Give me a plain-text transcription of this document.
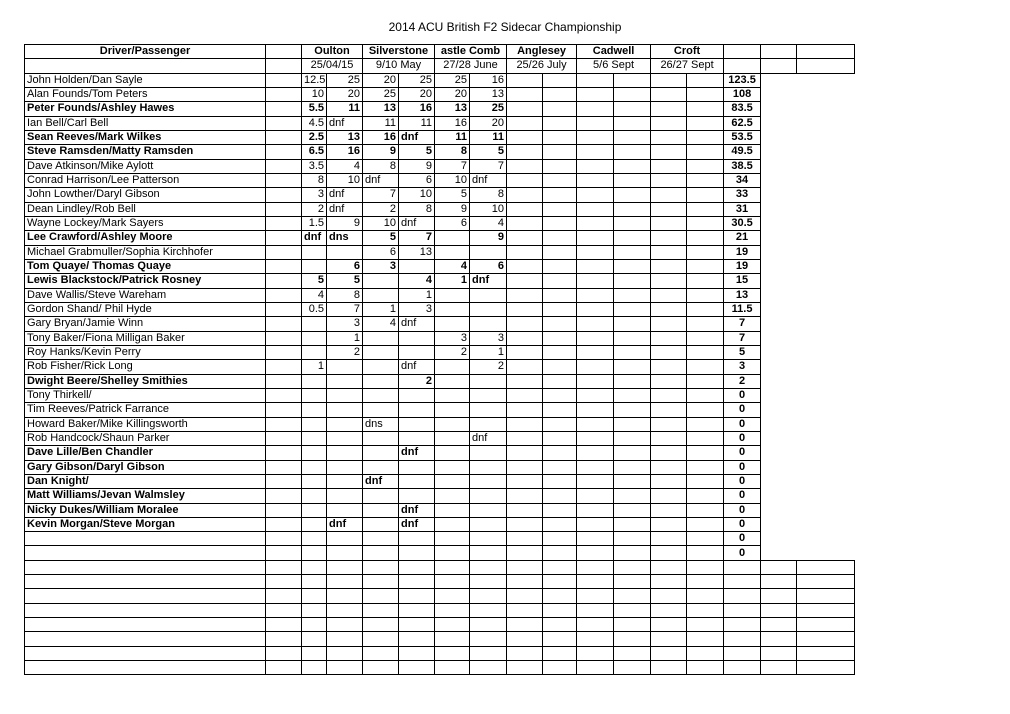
2014 ACU British F2 Sidecar Championship
Driver/Passenger		Oulton		Silverstone		astle Comb		Anglesey		Cadwell		Croft				
		25/04/15		9/10 May		27/28 June		25/26 July		5/6 Sept		26/27 Sept					
John Holden/Dan Sayle		12.5	25	20	25	25	16							123.5			
Alan Founds/Tom Peters		10	20	25	20	20	13							108			
Peter Founds/Ashley Hawes		5.5	11	13	16	13	25							83.5			
Ian Bell/Carl Bell		4.5	dnf	11	11	16	20							62.5			
Sean Reeves/Mark Wilkes		2.5	13	16	dnf	11	11							53.5			
Steve Ramsden/Matty Ramsden		6.5	16	9	5	8	5							49.5			
Dave Atkinson/Mike Aylott		3.5	4	8	9	7	7							38.5			
Conrad Harrison/Lee Patterson		8	10	dnf	6	10	dnf							34			
John Lowther/Daryl Gibson		3	dnf	7	10	5	8							33			
Dean Lindley/Rob Bell		2	dnf	2	8	9	10							31			
Wayne Lockey/Mark Sayers		1.5	9	10	dnf	6	4							30.5			
Lee Crawford/Ashley Moore		dnf	dns	5	7		9							21			
Michael Grabmuller/Sophia Kirchhofer				6	13									19			
Tom Quaye/ Thomas Quaye			6	3		4	6							19			
Lewis Blackstock/Patrick Rosney		5	5		4	1	dnf							15			
Dave Wallis/Steve Wareham		4	8		1									13			
Gordon Shand/ Phil Hyde		0.5	7	1	3									11.5			
Gary Bryan/Jamie Winn			3	4	dnf									7			
Tony Baker/Fiona Milligan Baker			1			3	3							7			
Roy Hanks/Kevin Perry			2			2	1							5			
Rob Fisher/Rick Long		1			dnf		2							3			
Dwight Beere/Shelley Smithies					2									2			
Tony Thirkell/														0			
Tim Reeves/Patrick Farrance														0			
Howard Baker/Mike Killingsworth				dns										0			
Rob Handcock/Shaun Parker							dnf							0			
Dave Lille/Ben Chandler					dnf									0			
Gary Gibson/Daryl Gibson														0			
Dan Knight/				dnf										0			
Matt Williams/Jevan Walmsley														0			
Nicky Dukes/William Moralee					dnf									0			
Kevin Morgan/Steve Morgan			dnf		dnf									0			
														0			
														0			
